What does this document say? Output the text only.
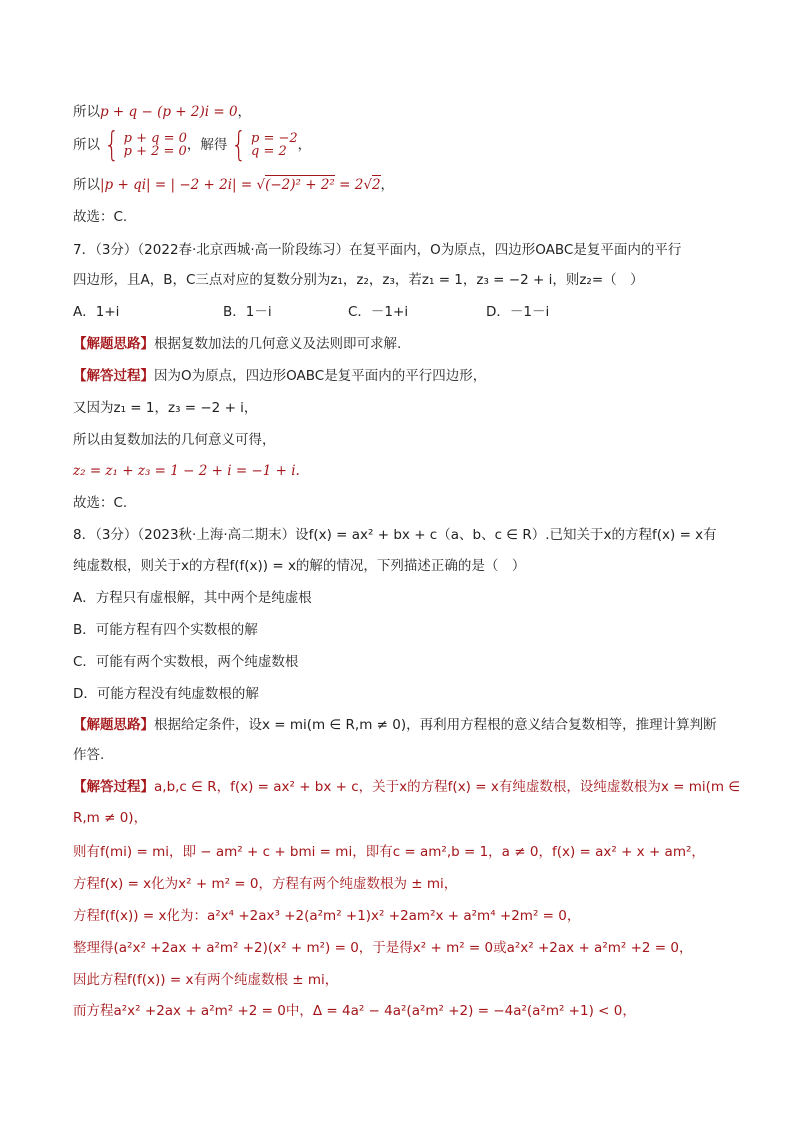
所以p + q − (p + 2)i = 0，
所以 { p + q = 0
p + 2 = 0，解得 { p = −2
q = 2 ，
所以|p + qi| = | −2 + 2i| = √(−2)² + 2² = 2√2，
故选：C.
7．（3分）（2022春·北京西城·高一阶段练习）在复平面内，O为原点，四边形OABC是复平面内的平行
四边形，且A，B，C三点对应的复数分别为z₁，z₂，z₃，若z₁ = 1，z₃ = −2 + i，则z₂=（　）
A．1+i	B．1－i	C．－1+i	D．－1－i
【解题思路】根据复数加法的几何意义及法则即可求解.
【解答过程】因为O为原点，四边形OABC是复平面内的平行四边形，
又因为z₁ = 1，z₃ = −2 + i，
所以由复数加法的几何意义可得，
z₂ = z₁ + z₃ = 1 − 2 + i = −1 + i.
故选：C.
8．（3分）（2023秋·上海·高二期末）设f(x) = ax² + bx + c（a、b、c ∈ R）.已知关于x的方程f(x) = x有
纯虚数根，则关于x的方程f(f(x)) = x的解的情况，下列描述正确的是（　）
A．方程只有虚根解，其中两个是纯虚根
B．可能方程有四个实数根的解
C．可能有两个实数根，两个纯虚数根
D．可能方程没有纯虚数根的解
【解题思路】根据给定条件，设x = mi(m ∈ R,m ≠ 0)，再利用方程根的意义结合复数相等，推理计算判断
作答.
【解答过程】a,b,c ∈ R，f(x) = ax² + bx + c，关于x的方程f(x) = x有纯虚数根，设纯虚数根为x = mi(m ∈
R,m ≠ 0)，
则有f(mi) = mi，即 − am² + c + bmi = mi，即有c = am²,b = 1，a ≠ 0，f(x) = ax² + x + am²，
方程f(x) = x化为x² + m² = 0，方程有两个纯虚数根为 ± mi，
方程f(f(x)) = x化为：a²x⁴ +2ax³ +2(a²m² +1)x² +2am²x + a²m⁴ +2m² = 0，
整理得(a²x² +2ax + a²m² +2)(x² + m²) = 0，于是得x² + m² = 0或a²x² +2ax + a²m² +2 = 0，
因此方程f(f(x)) = x有两个纯虚数根 ± mi，
而方程a²x² +2ax + a²m² +2 = 0中，Δ = 4a² − 4a²(a²m² +2) = −4a²(a²m² +1) < 0，
